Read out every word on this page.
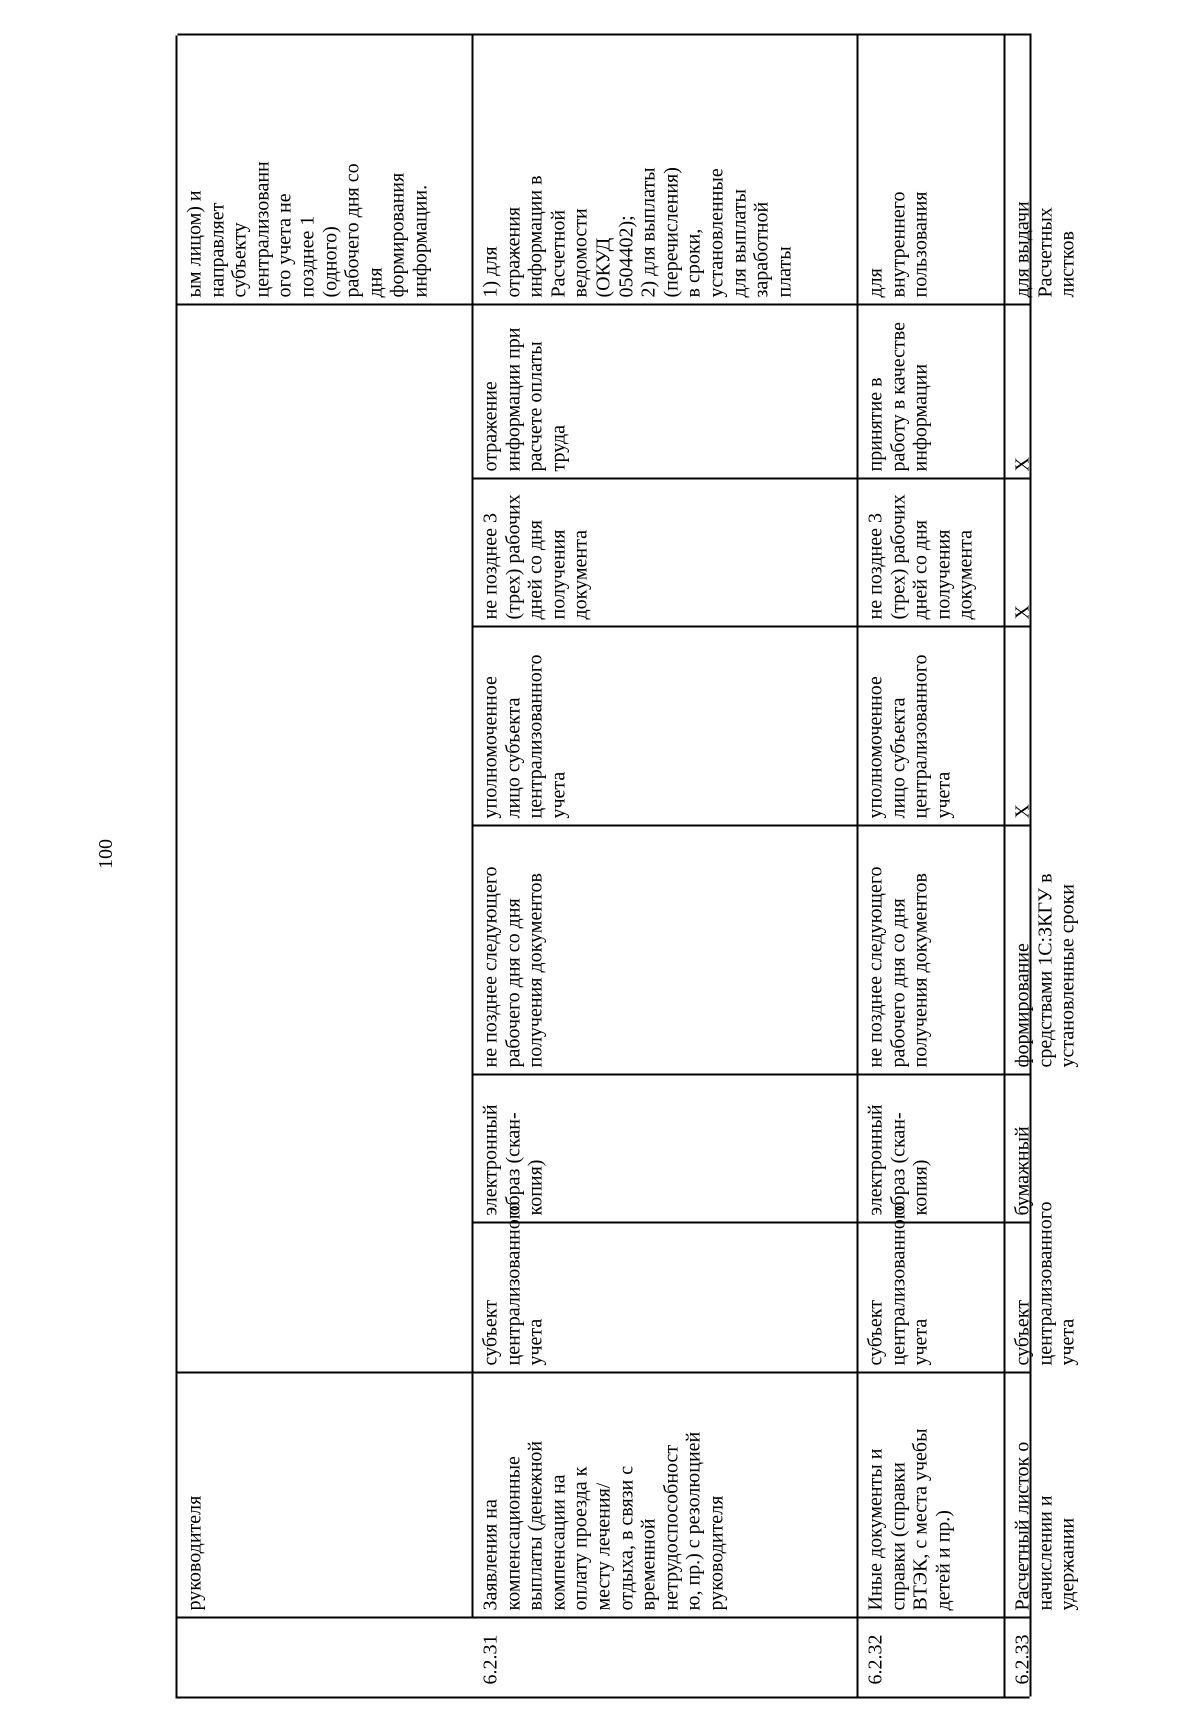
100
руководителя
ым лицом) и
направляет
субъекту
централизованн
ого учета не
позднее 1
(одного)
рабочего дня со
дня
формирования
информации.
6.2.31
Заявления на
компенсационные
выплаты (денежной
компенсации на
оплату проезда к
месту лечения/
отдыха, в связи с
временной
нетрудоспособност
ю, пр.) с резолюцией
руководителя
субъект
централизованного
учета
электронный
образ (скан-
копия)
не позднее следующего
рабочего дня со дня
получения документов
уполномоченное
лицо субъекта
централизованного
учета
не позднее 3
(трех) рабочих
дней со дня
получения
документа
отражение
информации при
расчете оплаты
труда
1) для
отражения
информации в
Расчетной
ведомости
(ОКУД
0504402);
2) для выплаты
(перечисления)
в сроки,
установленные
для выплаты
заработной
платы
6.2.32
Иные документы и
справки (справки
ВТЭК, с места учебы
детей и пр.)
субъект
централизованного
учета
электронный
образ (скан-
копия)
не позднее следующего
рабочего дня со дня
получения документов
уполномоченное
лицо субъекта
централизованного
учета
не позднее 3
(трех) рабочих
дней со дня
получения
документа
принятие в
работу в качестве
информации
для
внутреннего
пользования
6.2.33
Расчетный листок о
начислении и
удержании
субъект
централизованного
учета
бумажный
формирование
средствами 1С:ЗКГУ в
установленные сроки
X
X
X
для выдачи
Расчетных
листков
